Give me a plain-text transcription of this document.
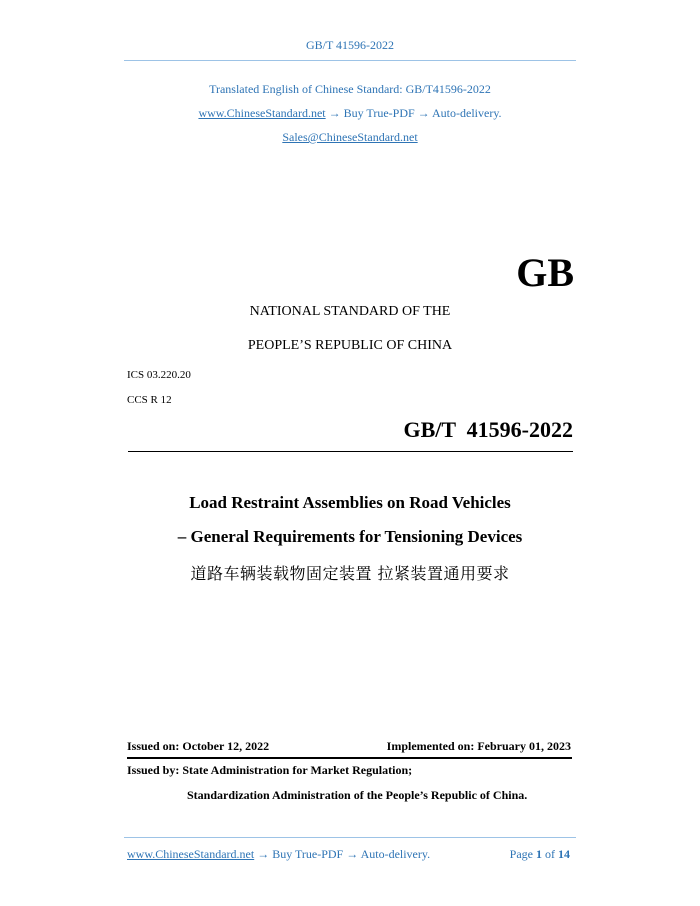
GB/T 41596-2022
Translated English of Chinese Standard: GB/T41596-2022
www.ChineseStandard.net → Buy True-PDF → Auto-delivery.
Sales@ChineseStandard.net
GB
NATIONAL STANDARD OF THE
PEOPLE’S REPUBLIC OF CHINA
ICS 03.220.20
CCS R 12
GB/T  41596-2022
Load Restraint Assemblies on Road Vehicles
– General Requirements for Tensioning Devices
道路车辆装载物固定装置 拉紧装置通用要求
Issued on: October 12, 2022	Implemented on: February 01, 2023
Issued by: State Administration for Market Regulation;
Standardization Administration of the People’s Republic of China.
www.ChineseStandard.net → Buy True-PDF → Auto-delivery.	Page 1 of 14
